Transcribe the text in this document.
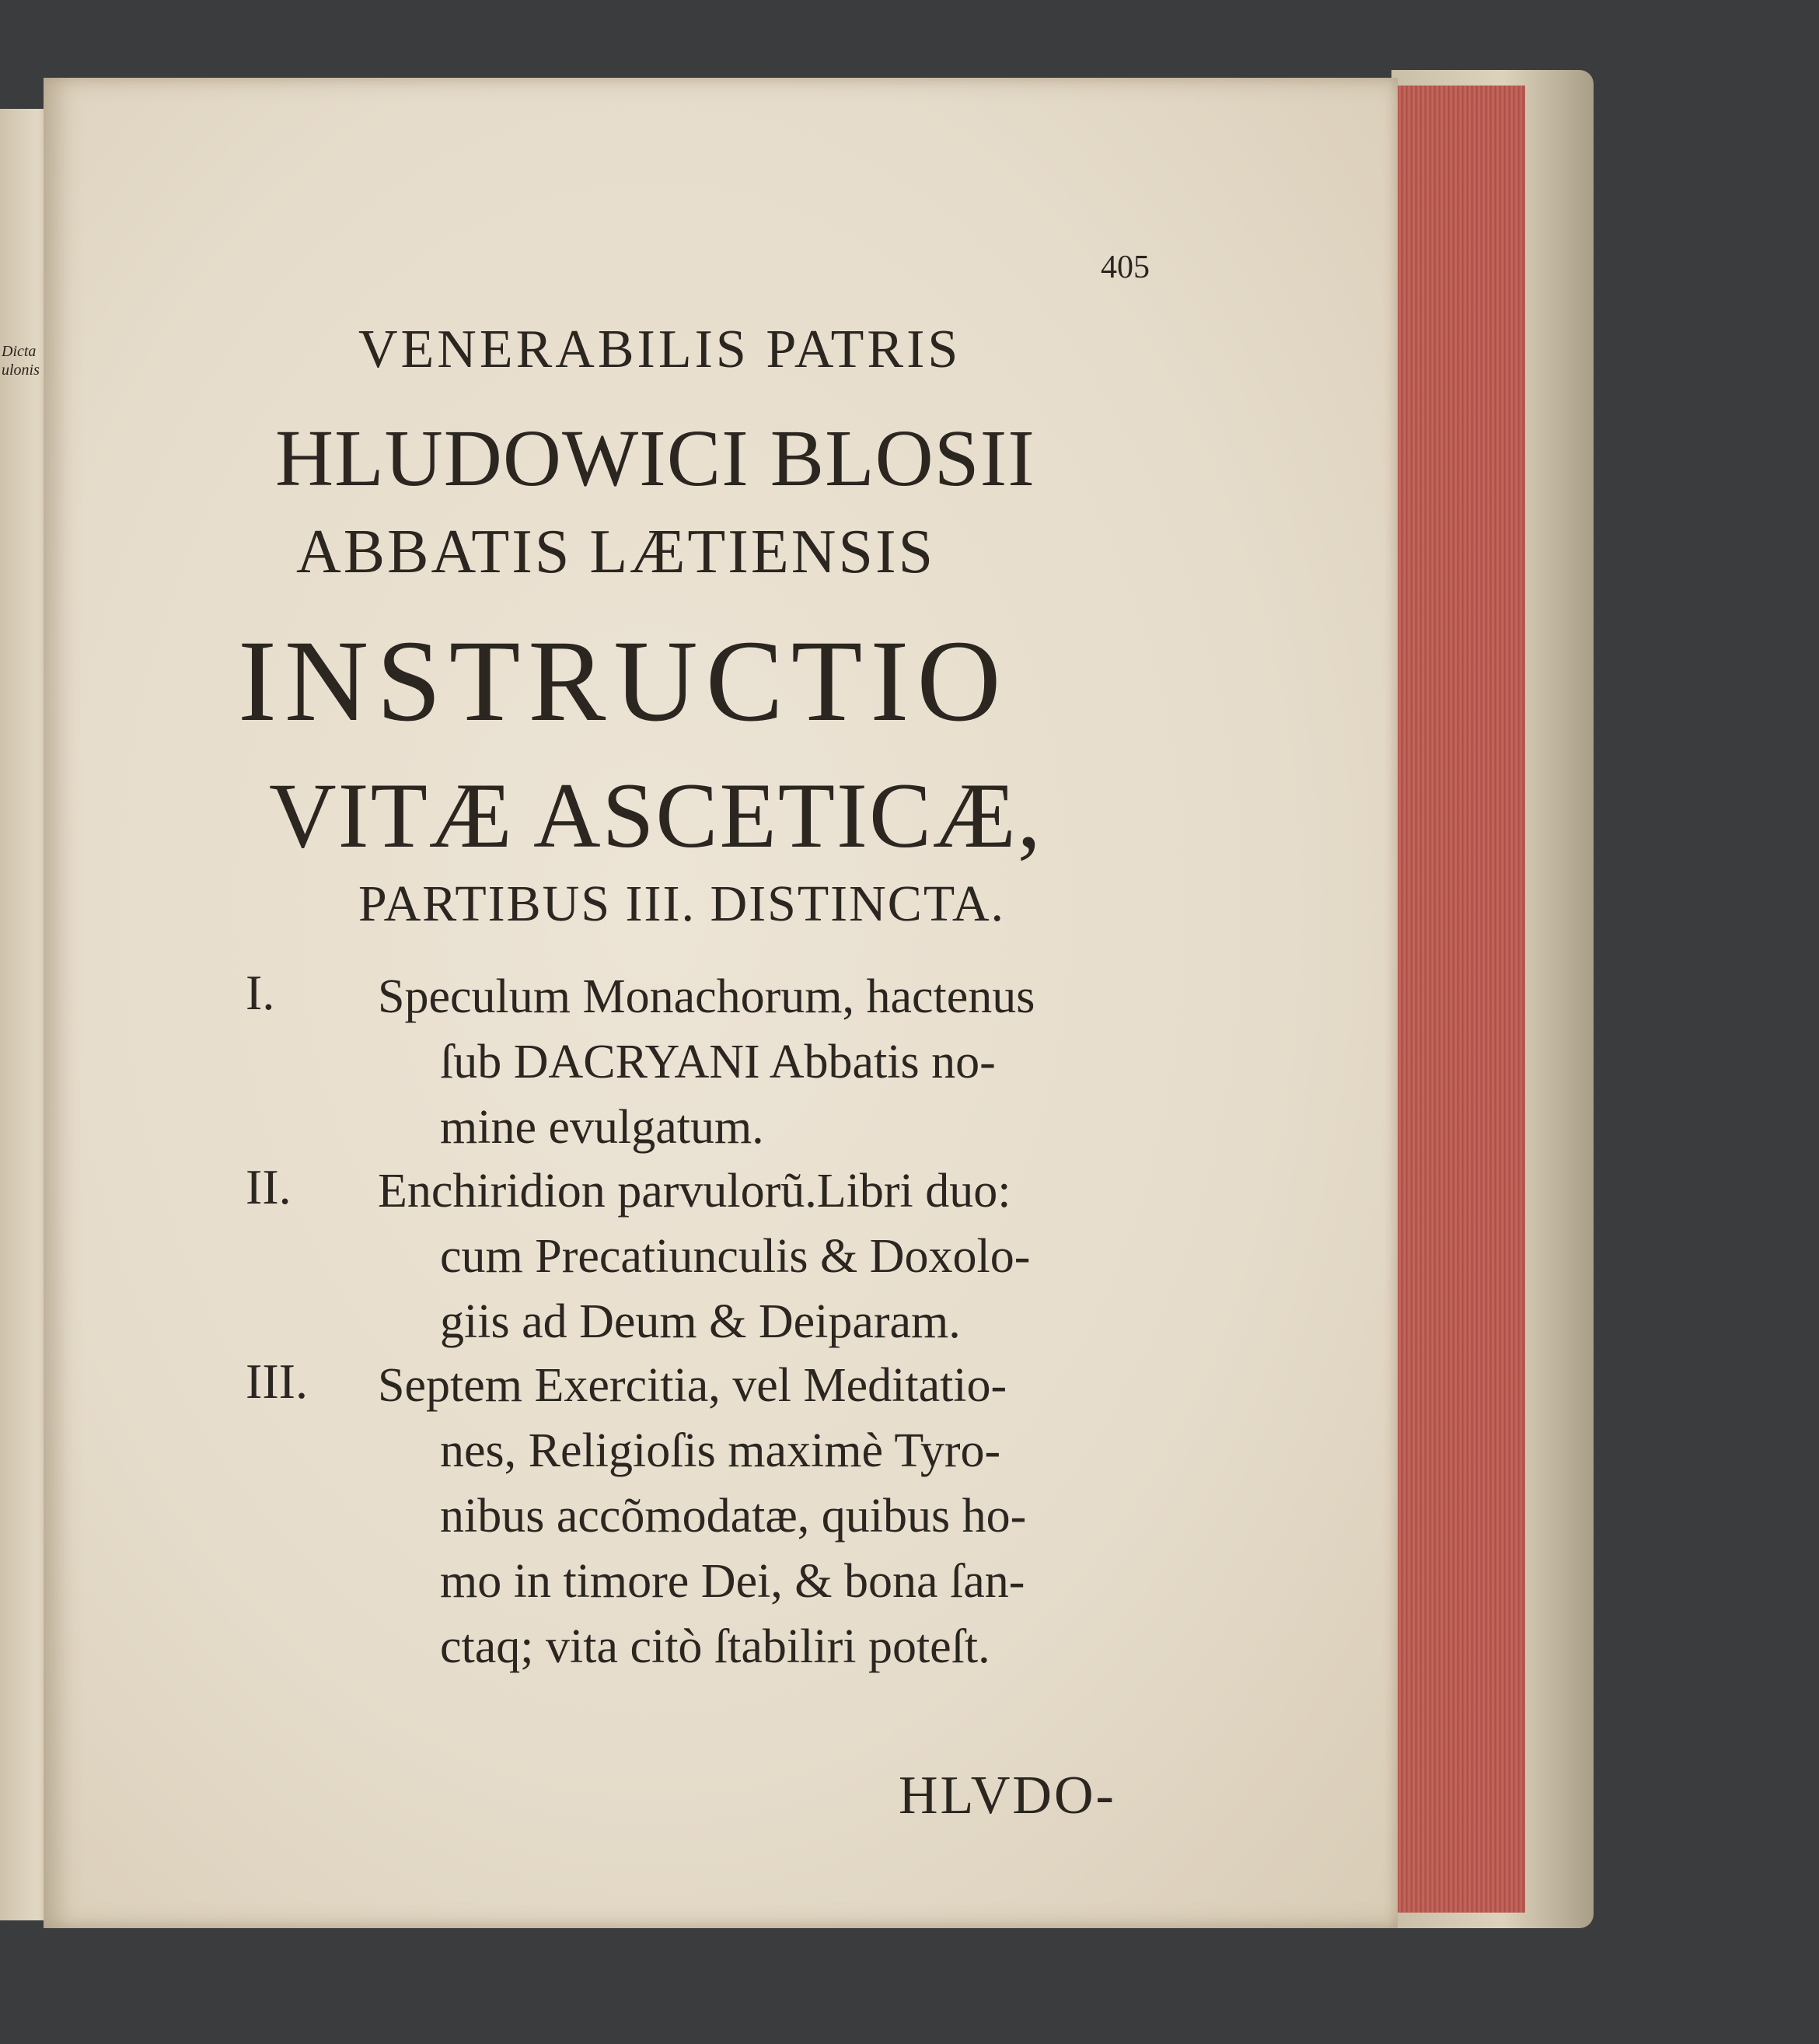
Dicta
ulonis
405
VENERABILIS PATRIS
HLUDOWICI BLOSII
ABBATIS LÆTIENSIS
INSTRUCTIO
VITÆ ASCETICÆ,
PARTIBUS III. DISTINCTA.
I. Speculum Monachorum, hactenus
ſub DACRYANI Abbatis no-
mine evulgatum.
II. Enchiridion parvulorũ.Libri duo:
cum Precatiunculis & Doxolo-
giis ad Deum & Deiparam.
III. Septem Exercitia, vel Meditatio-
nes, Religioſis maximè Tyro-
nibus accõmodatæ, quibus ho-
mo in timore Dei, & bona ſan-
ctaq; vita citò ſtabiliri poteſt.
HLVDO-
